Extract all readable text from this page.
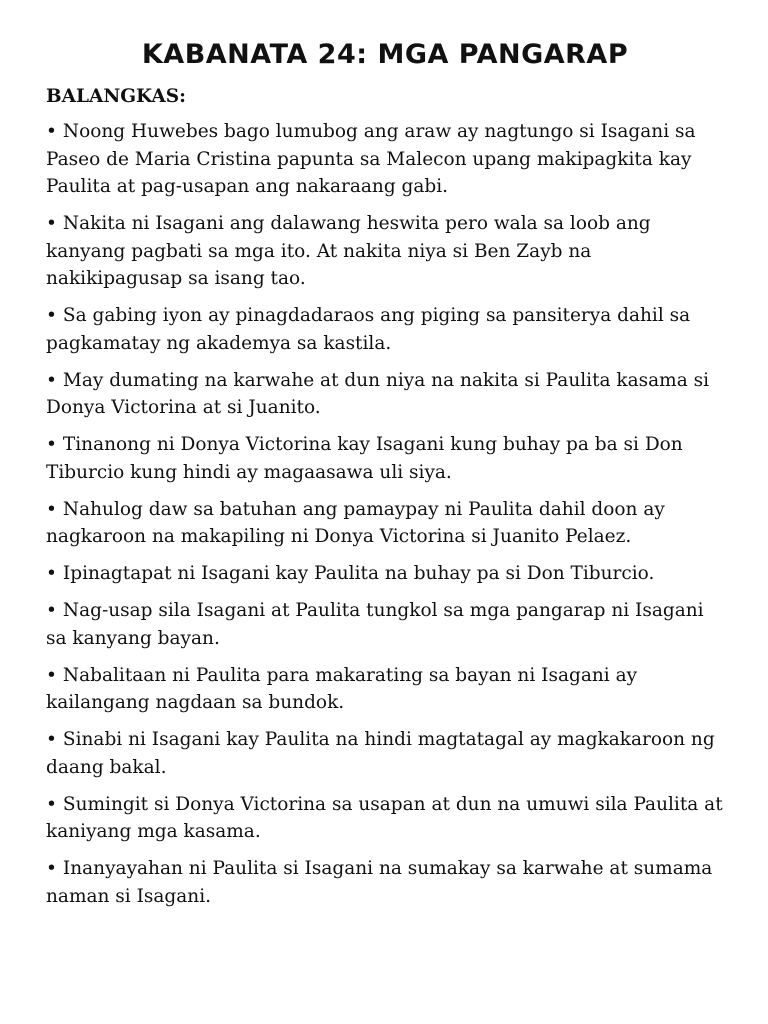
KABANATA 24: MGA PANGARAP
BALANGKAS:
• Noong Huwebes bago lumubog ang araw ay nagtungo si Isagani sa Paseo de Maria Cristina papunta sa Malecon upang makipagkita kay Paulita at pag-usapan ang nakaraang gabi.
• Nakita ni Isagani ang dalawang heswita pero wala sa loob ang kanyang pagbati sa mga ito. At nakita niya si Ben Zayb na nakikipagusap sa isang tao.
• Sa gabing iyon ay pinagdadaraos ang piging sa pansiterya dahil sa pagkamatay ng akademya sa kastila.
• May dumating na karwahe at dun niya na nakita si Paulita kasama si Donya Victorina at si Juanito.
• Tinanong ni Donya Victorina kay Isagani kung buhay pa ba si Don Tiburcio kung hindi ay magaasawa uli siya.
• Nahulog daw sa batuhan ang pamaypay ni Paulita dahil doon ay nagkaroon na makapiling ni Donya Victorina si Juanito Pelaez.
• Ipinagtapat ni Isagani kay Paulita na buhay pa si Don Tiburcio.
• Nag-usap sila Isagani at Paulita tungkol sa mga pangarap ni Isagani sa kanyang bayan.
• Nabalitaan ni Paulita para makarating sa bayan ni Isagani ay kailangang nagdaan sa bundok.
• Sinabi ni Isagani kay Paulita na hindi magtatagal ay magkakaroon ng daang bakal.
• Sumingit si Donya Victorina sa usapan at dun na umuwi sila Paulita at kaniyang mga kasama.
• Inanyayahan ni Paulita si Isagani na sumakay sa karwahe at sumama naman si Isagani.
